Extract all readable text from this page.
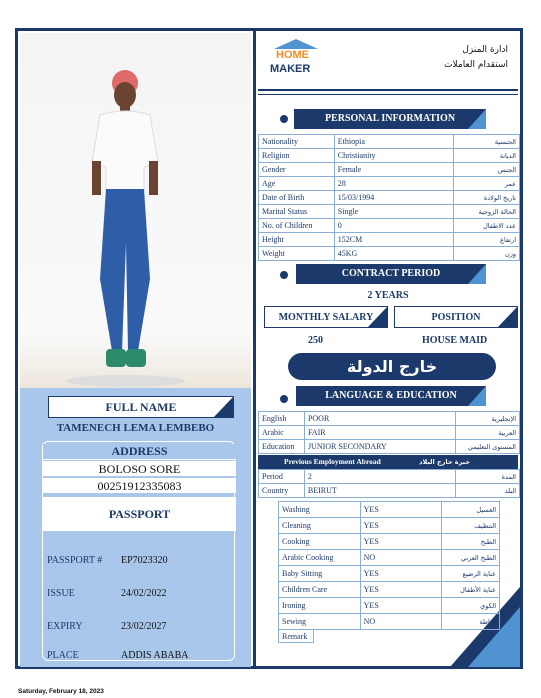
FULL NAME
TAMENECH LEMA LEMBEBO
ADDRESS
BOLOSO SORE
00251912335083
PASSPORT
PASSPORT # EP7023320
ISSUE	24/02/2022
EXPIRY	23/02/2027
PLACE	ADDIS ABABA
HOME
MAKER
ادارة المنزل
استقدام العاملات
PERSONAL INFORMATION
Nationality	Ethiopia	الجنسية
Religion	Christianity	الديانة
Gender	Female	الجنس
Age	28	عمر
Date of Birth	15/03/1994	تاريخ الولادة
Marital Status	Single	الحالة الزوجية
No. of Children	0	عدد الاطفال
Height	152CM	ارتفاع
Weight	45KG	وزن
CONTRACT PERIOD
2 YEARS
MONTHLY SALARY	POSITION
250	HOUSE MAID
خارج الدولة
LANGUAGE & EDUCATION
English	POOR	الإنجليزية
Arabic	FAIR	العربية
Education	JUNIOR SECONDARY	المستوى التعليمي
Previous Employment Abroad	خبرة خارج البلاد
Period	2	المدة
Country	BEIRUT	البلد
Washing	YES	الغسيل
Cleaning	YES	التنظيف
Cooking	YES	الطبخ
Arabic Cooking	NO	الطبخ العربي
Baby Sitting	YES	عناية الرضيع
Children Care	YES	عناية الأطفال
Ironing	YES	الكوي
Sewing	NO	خياطة
Remark
Saturday, February 18, 2023
